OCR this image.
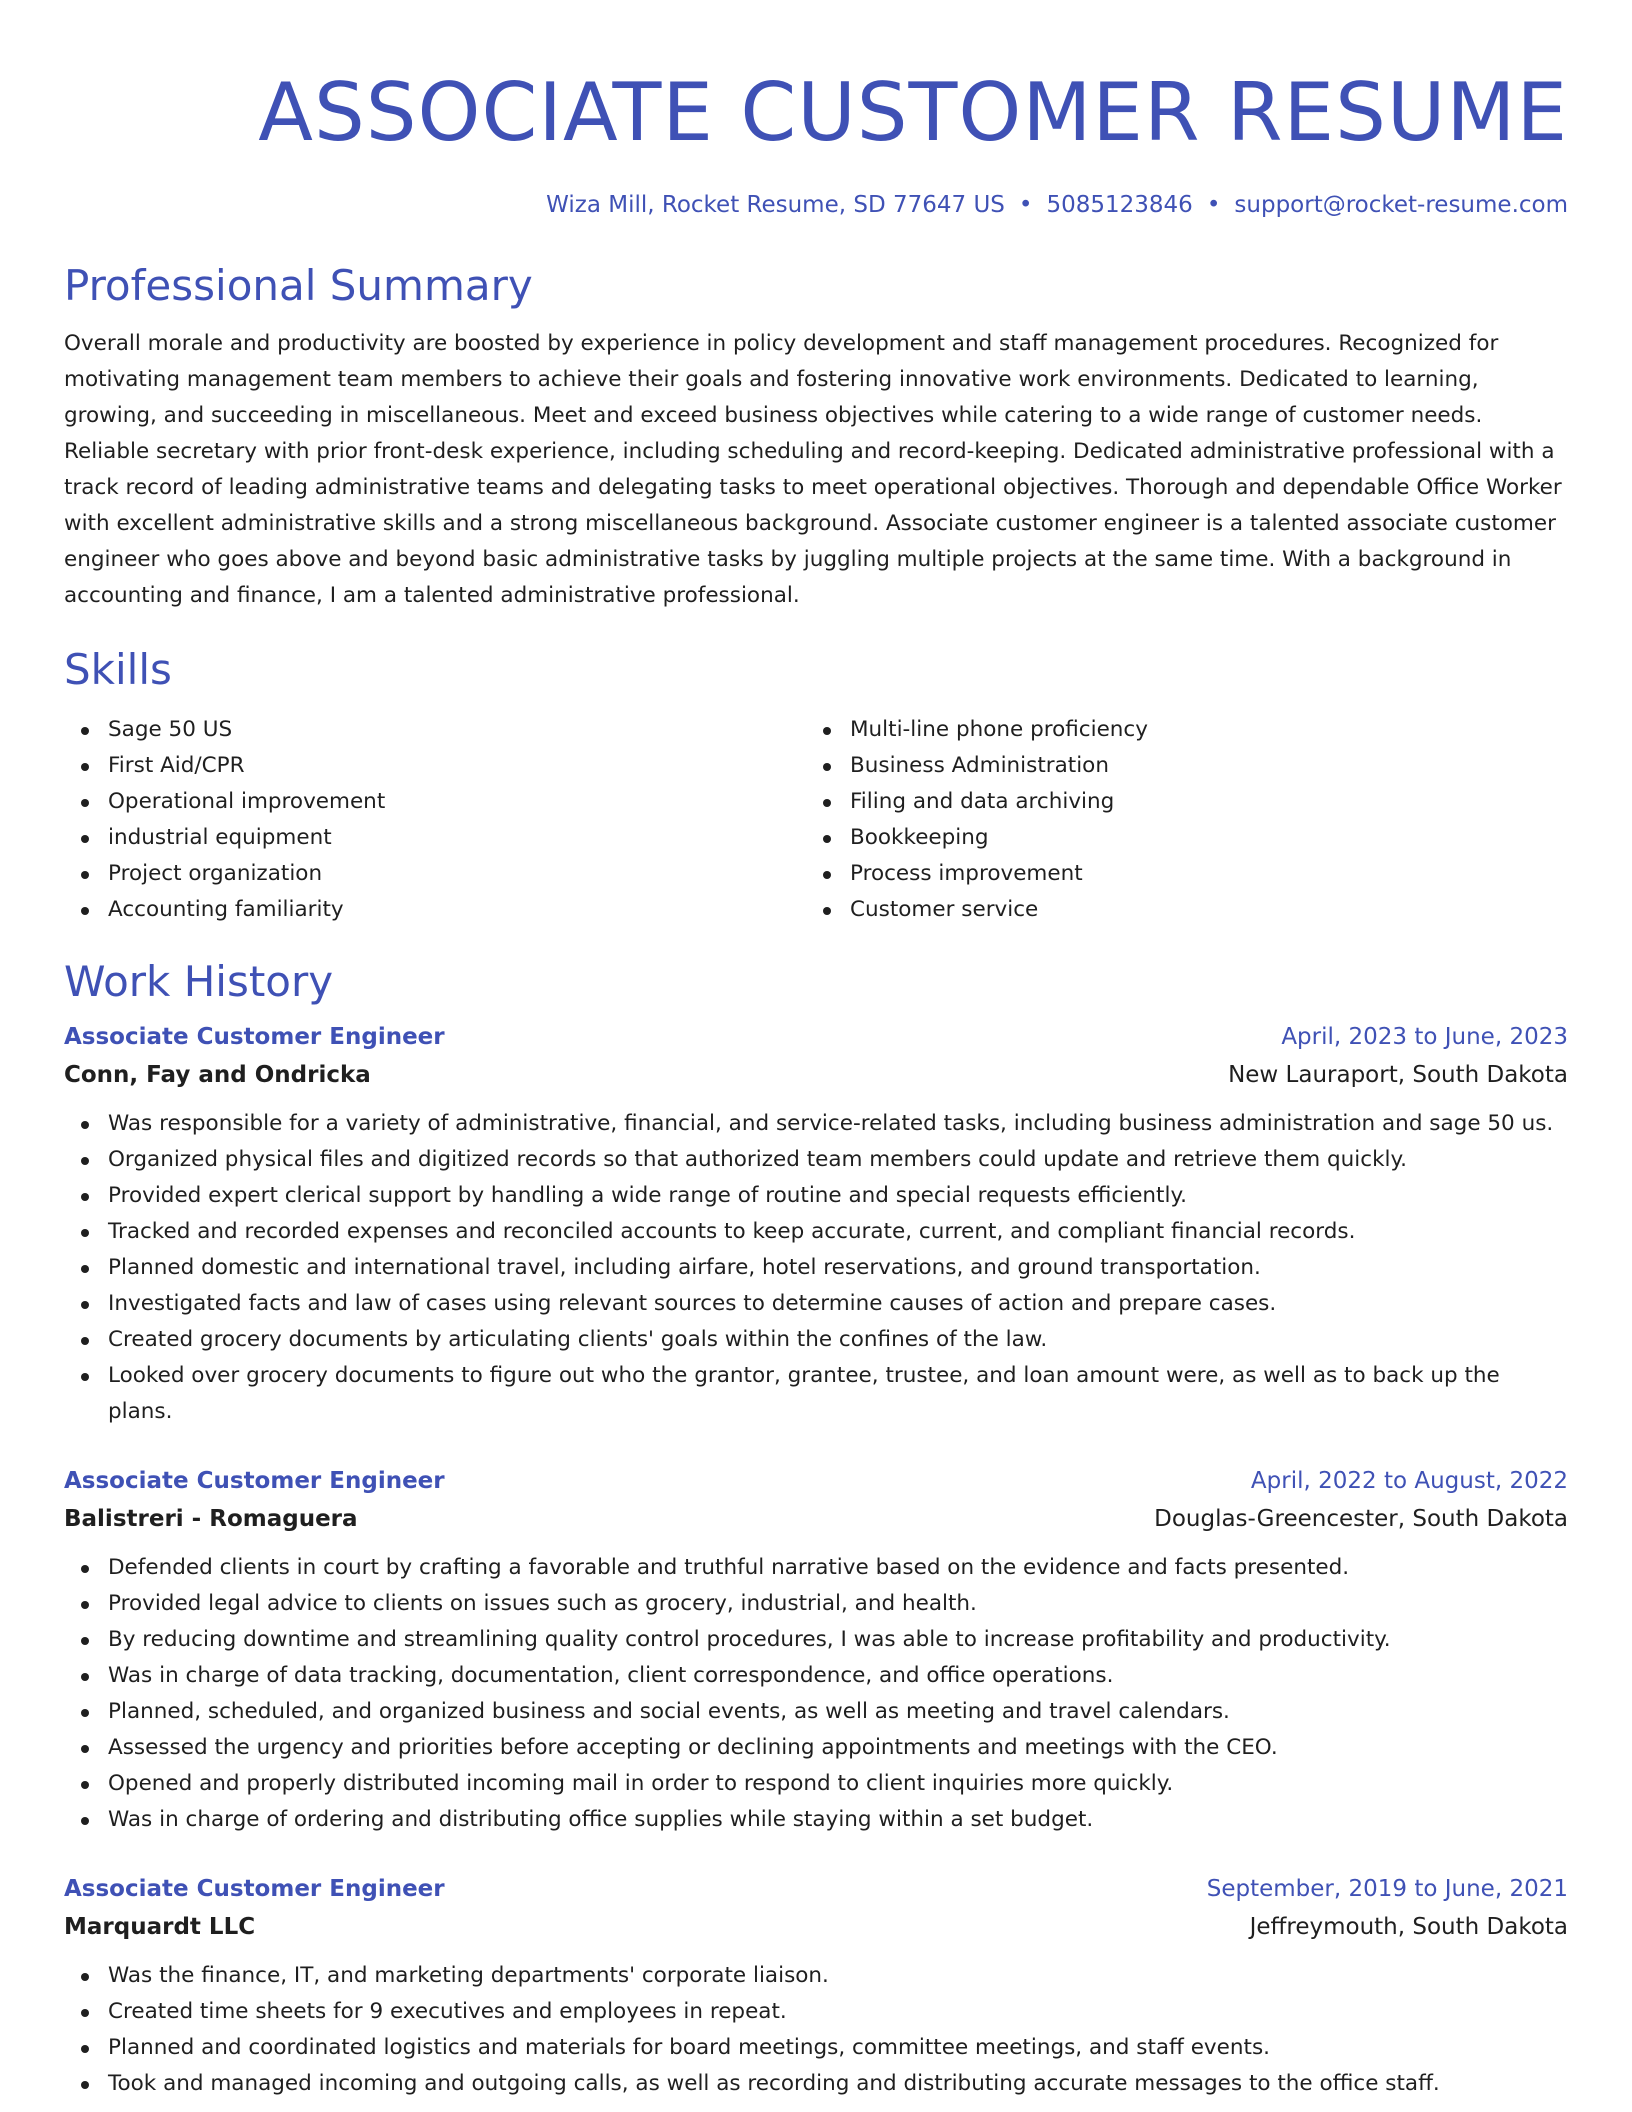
ASSOCIATE CUSTOMER RESUME
Wiza Mill, Rocket Resume, SD 77647 US • 5085123846 • support@rocket-resume.com
Professional Summary
Overall morale and productivity are boosted by experience in policy development and staff management procedures. Recognized for motivating management team members to achieve their goals and fostering innovative work environments. Dedicated to learning, growing, and succeeding in miscellaneous. Meet and exceed business objectives while catering to a wide range of customer needs. Reliable secretary with prior front-desk experience, including scheduling and record-keeping. Dedicated administrative professional with a track record of leading administrative teams and delegating tasks to meet operational objectives. Thorough and dependable Office Worker with excellent administrative skills and a strong miscellaneous background. Associate customer engineer is a talented associate customer engineer who goes above and beyond basic administrative tasks by juggling multiple projects at the same time. With a background in accounting and finance, I am a talented administrative professional.
Skills
Sage 50 US
First Aid/CPR
Operational improvement
industrial equipment
Project organization
Accounting familiarity
Multi-line phone proficiency
Business Administration
Filing and data archiving
Bookkeeping
Process improvement
Customer service
Work History
Associate Customer Engineer	April, 2023 to June, 2023
Conn, Fay and Ondricka	New Lauraport, South Dakota
Was responsible for a variety of administrative, financial, and service-related tasks, including business administration and sage 50 us.
Organized physical files and digitized records so that authorized team members could update and retrieve them quickly.
Provided expert clerical support by handling a wide range of routine and special requests efficiently.
Tracked and recorded expenses and reconciled accounts to keep accurate, current, and compliant financial records.
Planned domestic and international travel, including airfare, hotel reservations, and ground transportation.
Investigated facts and law of cases using relevant sources to determine causes of action and prepare cases.
Created grocery documents by articulating clients' goals within the confines of the law.
Looked over grocery documents to figure out who the grantor, grantee, trustee, and loan amount were, as well as to back up the plans.
Associate Customer Engineer	April, 2022 to August, 2022
Balistreri - Romaguera	Douglas-Greencester, South Dakota
Defended clients in court by crafting a favorable and truthful narrative based on the evidence and facts presented.
Provided legal advice to clients on issues such as grocery, industrial, and health.
By reducing downtime and streamlining quality control procedures, I was able to increase profitability and productivity.
Was in charge of data tracking, documentation, client correspondence, and office operations.
Planned, scheduled, and organized business and social events, as well as meeting and travel calendars.
Assessed the urgency and priorities before accepting or declining appointments and meetings with the CEO.
Opened and properly distributed incoming mail in order to respond to client inquiries more quickly.
Was in charge of ordering and distributing office supplies while staying within a set budget.
Associate Customer Engineer	September, 2019 to June, 2021
Marquardt LLC	Jeffreymouth, South Dakota
Was the finance, IT, and marketing departments' corporate liaison.
Created time sheets for 9 executives and employees in repeat.
Planned and coordinated logistics and materials for board meetings, committee meetings, and staff events.
Took and managed incoming and outgoing calls, as well as recording and distributing accurate messages to the office staff.
